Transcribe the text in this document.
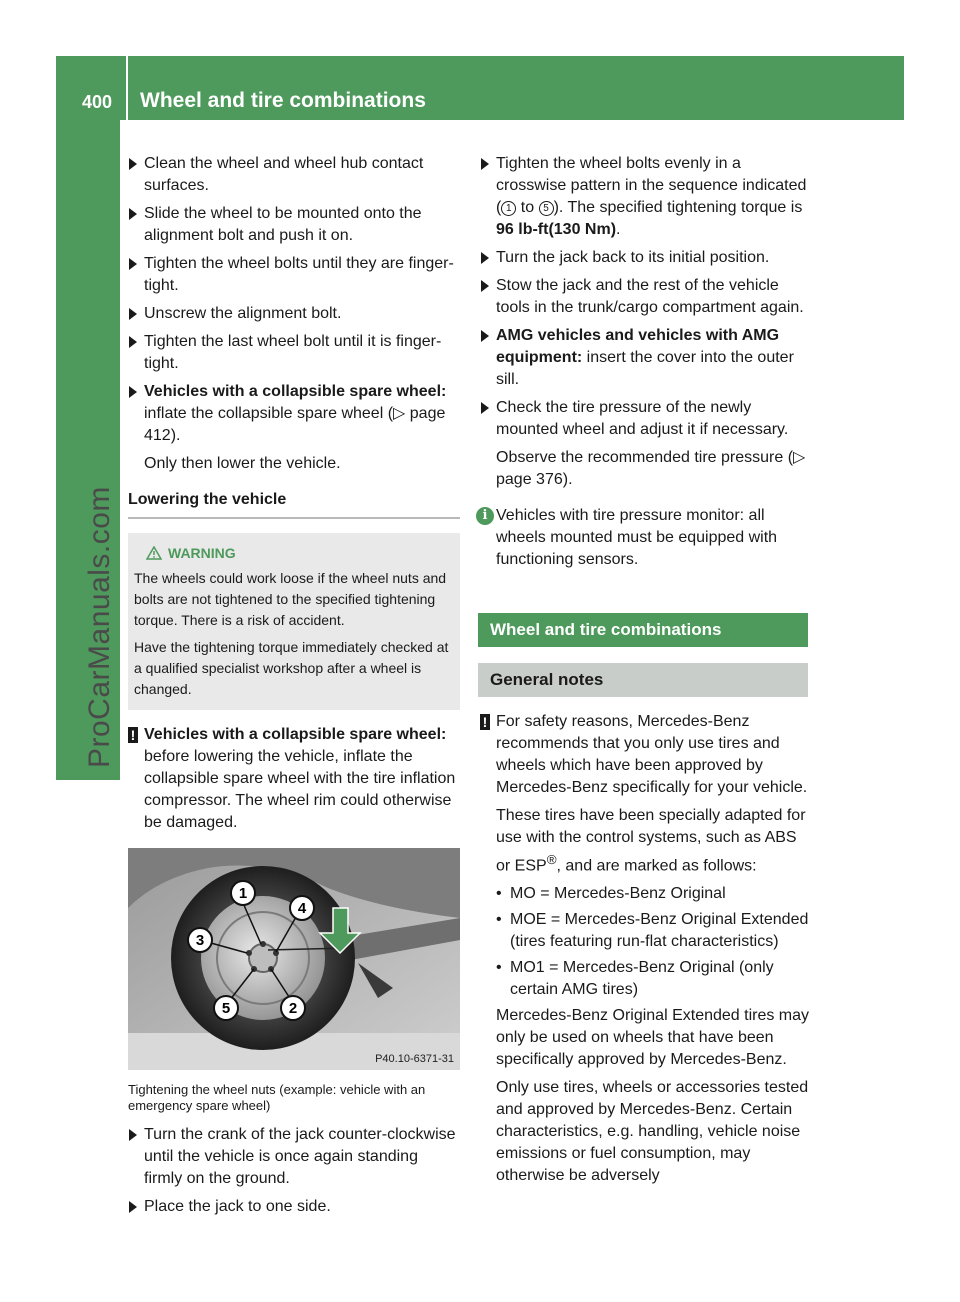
400 Wheel and tire combinations
ProCarManuals.com
Clean the wheel and wheel hub contact surfaces.
Slide the wheel to be mounted onto the alignment bolt and push it on.
Tighten the wheel bolts until they are finger-tight.
Unscrew the alignment bolt.
Tighten the last wheel bolt until it is finger-tight.
Vehicles with a collapsible spare wheel: inflate the collapsible spare wheel (▷ page 412).
Only then lower the vehicle.
Lowering the vehicle
WARNING

The wheels could work loose if the wheel nuts and bolts are not tightened to the specified tightening torque. There is a risk of accident.

Have the tightening torque immediately checked at a qualified specialist workshop after a wheel is changed.

! Vehicles with a collapsible spare wheel: before lowering the vehicle, inflate the collapsible spare wheel with the tire inflation compressor. The wheel rim could otherwise be damaged.
1
2
3
4
5
P40.10-6371-31
Tightening the wheel nuts (example: vehicle with an emergency spare wheel)
Turn the crank of the jack counter-clockwise until the vehicle is once again standing firmly on the ground.
Place the jack to one side.
Tighten the wheel bolts evenly in a crosswise pattern in the sequence indicated ( 1 to 5 ). The specified tightening torque is 96 lb-ft(130 Nm).
Turn the jack back to its initial position.
Stow the jack and the rest of the vehicle tools in the trunk/cargo compartment again.
AMG vehicles and vehicles with AMG equipment: insert the cover into the outer sill.
Check the tire pressure of the newly mounted wheel and adjust it if necessary.
Observe the recommended tire pressure (▷ page 376).
i Vehicles with tire pressure monitor: all wheels mounted must be equipped with functioning sensors.
Wheel and tire combinations
General notes
! For safety reasons, Mercedes-Benz recommends that you only use tires and wheels which have been approved by Mercedes-Benz specifically for your vehicle.
These tires have been specially adapted for use with the control systems, such as ABS or ESP®, and are marked as follows:
• MO = Mercedes-Benz Original
• MOE = Mercedes-Benz Original Extended (tires featuring run-flat characteristics)
• MO1 = Mercedes-Benz Original (only certain AMG tires)
Mercedes-Benz Original Extended tires may only be used on wheels that have been specifically approved by Mercedes-Benz.
Only use tires, wheels or accessories tested and approved by Mercedes-Benz. Certain characteristics, e.g. handling, vehicle noise emissions or fuel consumption, may otherwise be adversely
